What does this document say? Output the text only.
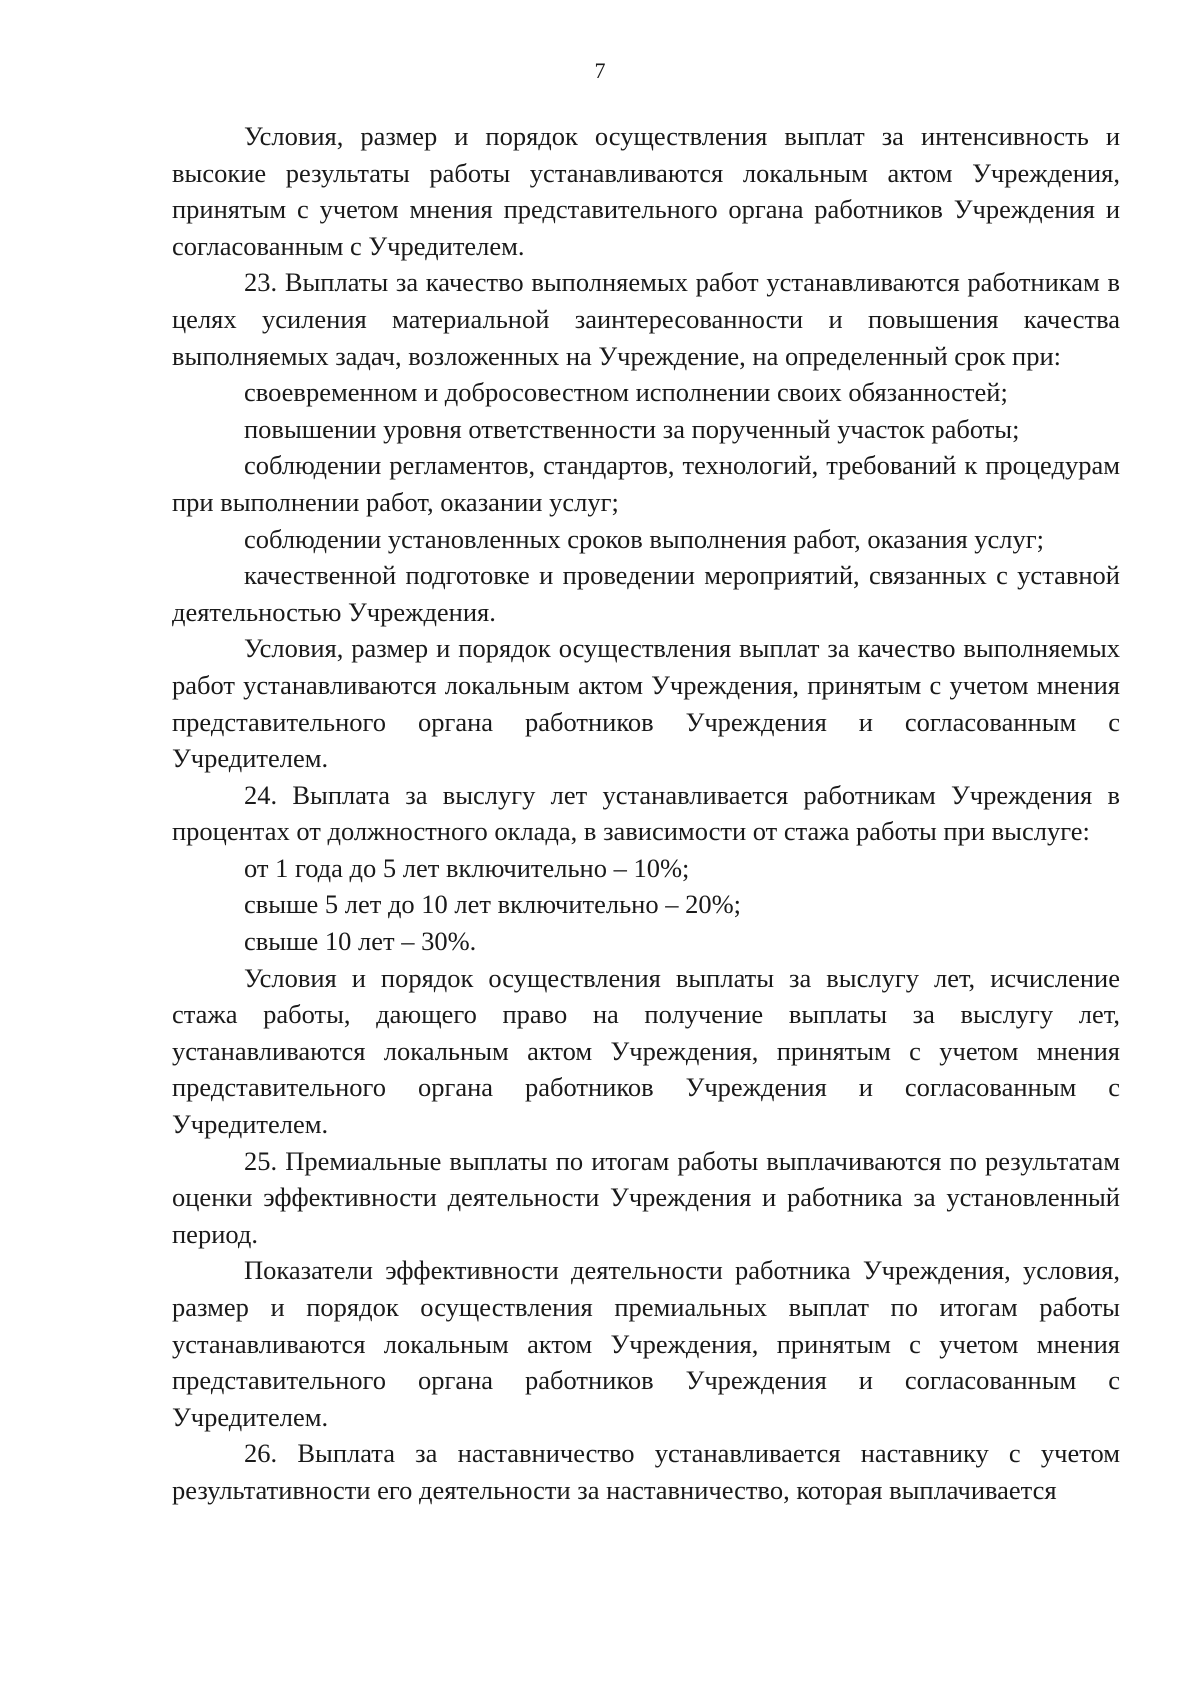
7

Условия, размер и порядок осуществления выплат за интенсивность и высокие результаты работы устанавливаются локальным актом Учреждения, принятым с учетом мнения представительного органа работников Учреждения и согласованным с Учредителем.

23. Выплаты за качество выполняемых работ устанавливаются работникам в целях усиления материальной заинтересованности и повышения качества выполняемых задач, возложенных на Учреждение, на определенный срок при:

своевременном и добросовестном исполнении своих обязанностей;

повышении уровня ответственности за порученный участок работы;

соблюдении регламентов, стандартов, технологий, требований к процедурам при выполнении работ, оказании услуг;

соблюдении установленных сроков выполнения работ, оказания услуг;

качественной подготовке и проведении мероприятий, связанных с уставной деятельностью Учреждения.

Условия, размер и порядок осуществления выплат за качество выполняемых работ устанавливаются локальным актом Учреждения, принятым с учетом мнения представительного органа работников Учреждения и согласованным с Учредителем.

24. Выплата за выслугу лет устанавливается работникам Учреждения в процентах от должностного оклада, в зависимости от стажа работы при выслуге:

от 1 года до 5 лет включительно – 10%;

свыше 5 лет до 10 лет включительно – 20%;

свыше 10 лет – 30%.

Условия и порядок осуществления выплаты за выслугу лет, исчисление стажа работы, дающего право на получение выплаты за выслугу лет, устанавливаются локальным актом Учреждения, принятым с учетом мнения представительного органа работников Учреждения и согласованным с Учредителем.

25. Премиальные выплаты по итогам работы выплачиваются по результатам оценки эффективности деятельности Учреждения и работника за установленный период.

Показатели эффективности деятельности работника Учреждения, условия, размер и порядок осуществления премиальных выплат по итогам работы устанавливаются локальным актом Учреждения, принятым с учетом мнения представительного органа работников Учреждения и согласованным с Учредителем.

26. Выплата за наставничество устанавливается наставнику с учетом результативности его деятельности за наставничество, которая выплачивается
